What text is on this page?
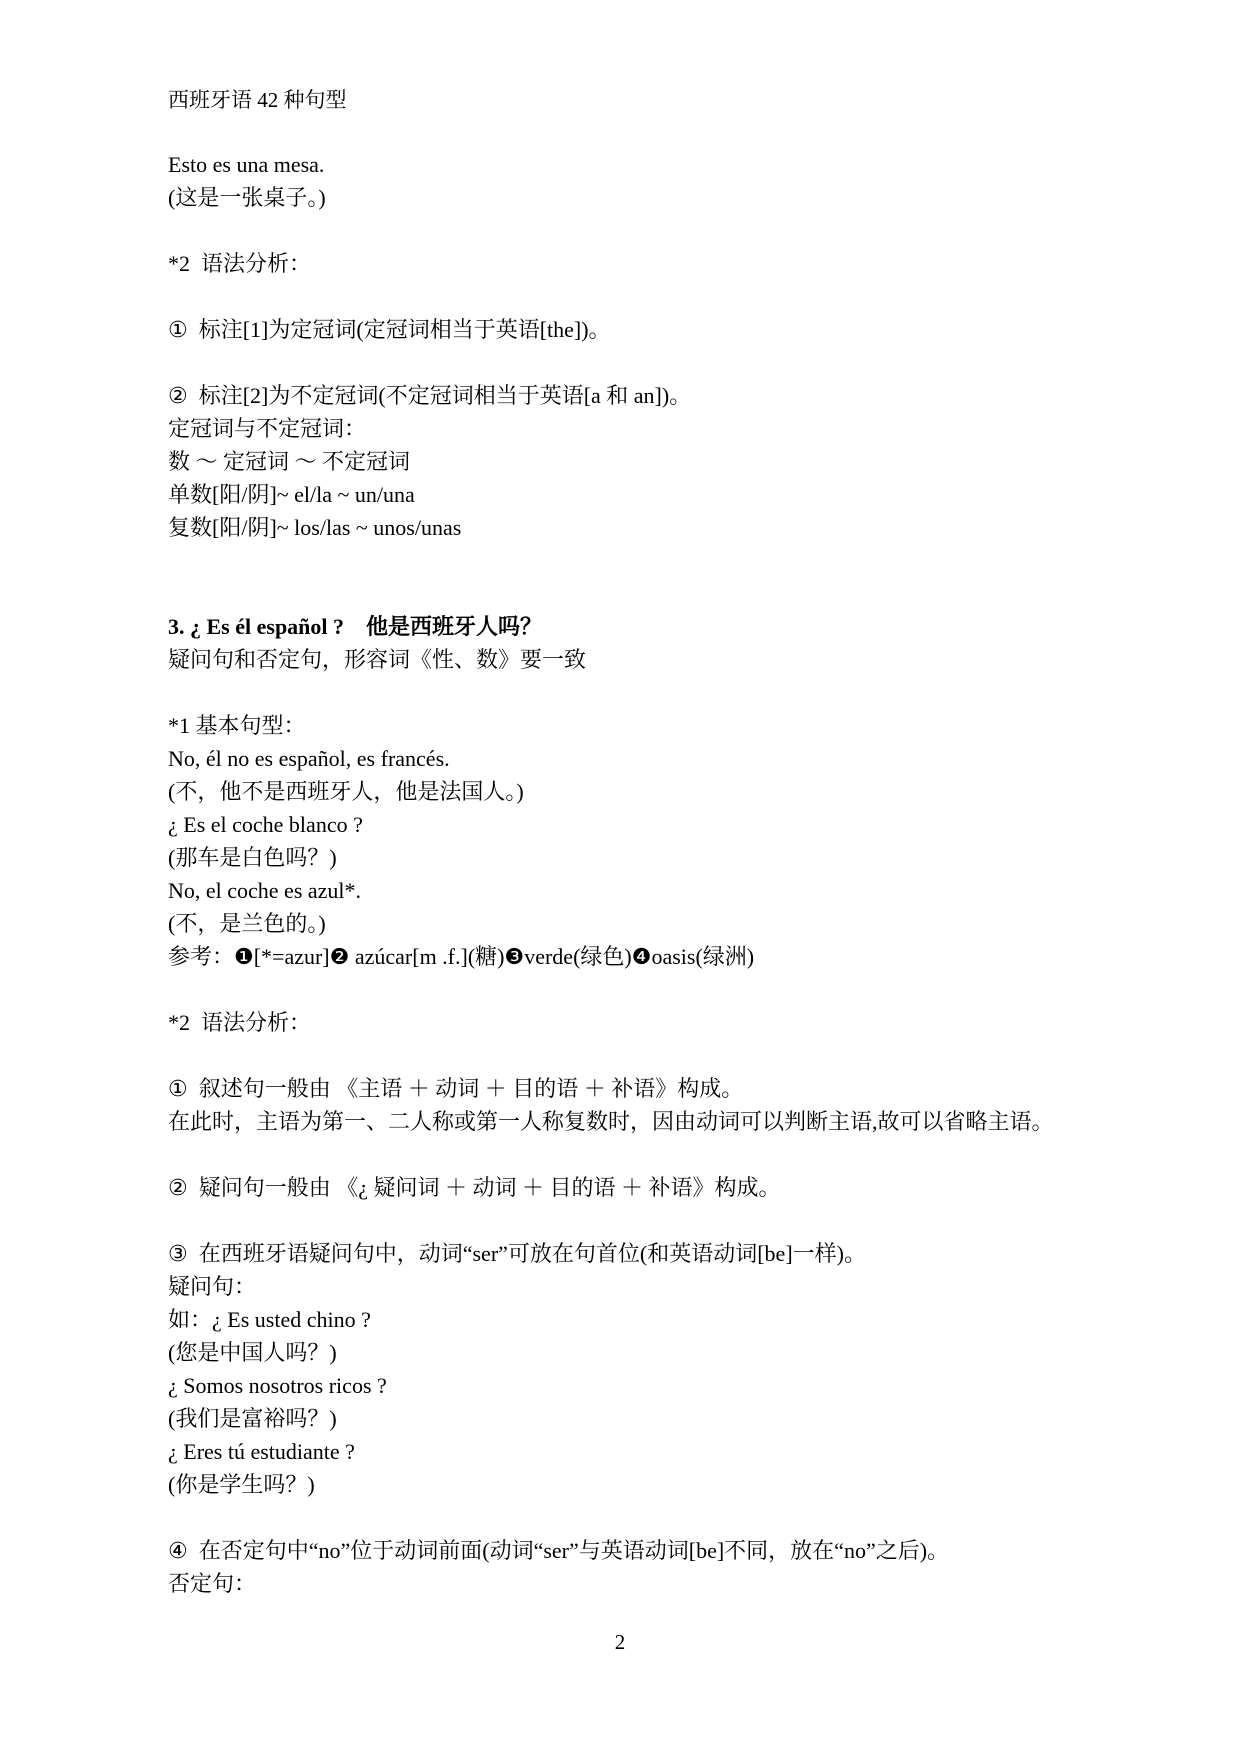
西班牙语 42 种句型
Esto es una mesa.
(这是一张桌子。)
*2  语法分析：
①  标注[1]为定冠词(定冠词相当于英语[the])。
②  标注[2]为不定冠词(不定冠词相当于英语[a 和 an])。
定冠词与不定冠词：
数 ～ 定冠词 ～ 不定冠词
单数[阳/阴]~ el/la ~ un/una
复数[阳/阴]~ los/las ~ unos/unas
3. ¿ Es él español ?　他是西班牙人吗？
疑问句和否定句，形容词《性、数》要一致
*1 基本句型：
No, él no es español, es francés.
(不，他不是西班牙人，他是法国人。)
¿ Es el coche blanco ?
(那车是白色吗？)
No, el coche es azul*.
(不，是兰色的。)
参考：❶[*=azur]❷ azúcar[m .f.](糖)❸verde(绿色)❹oasis(绿洲)
*2  语法分析：
①  叙述句一般由 《主语 ＋ 动词 ＋ 目的语 ＋ 补语》构成。
在此时，主语为第一、二人称或第一人称复数时，因由动词可以判断主语,故可以省略主语。
②  疑问句一般由 《¿ 疑问词 ＋ 动词 ＋ 目的语 ＋ 补语》构成。
③  在西班牙语疑问句中，动词“ser”可放在句首位(和英语动词[be]一样)。
疑问句：
如：¿ Es usted chino ?
(您是中国人吗？)
¿ Somos nosotros ricos ?
(我们是富裕吗？)
¿ Eres tú estudiante ?
(你是学生吗？)
④  在否定句中“no”位于动词前面(动词“ser”与英语动词[be]不同，放在“no”之后)。
否定句：
2
